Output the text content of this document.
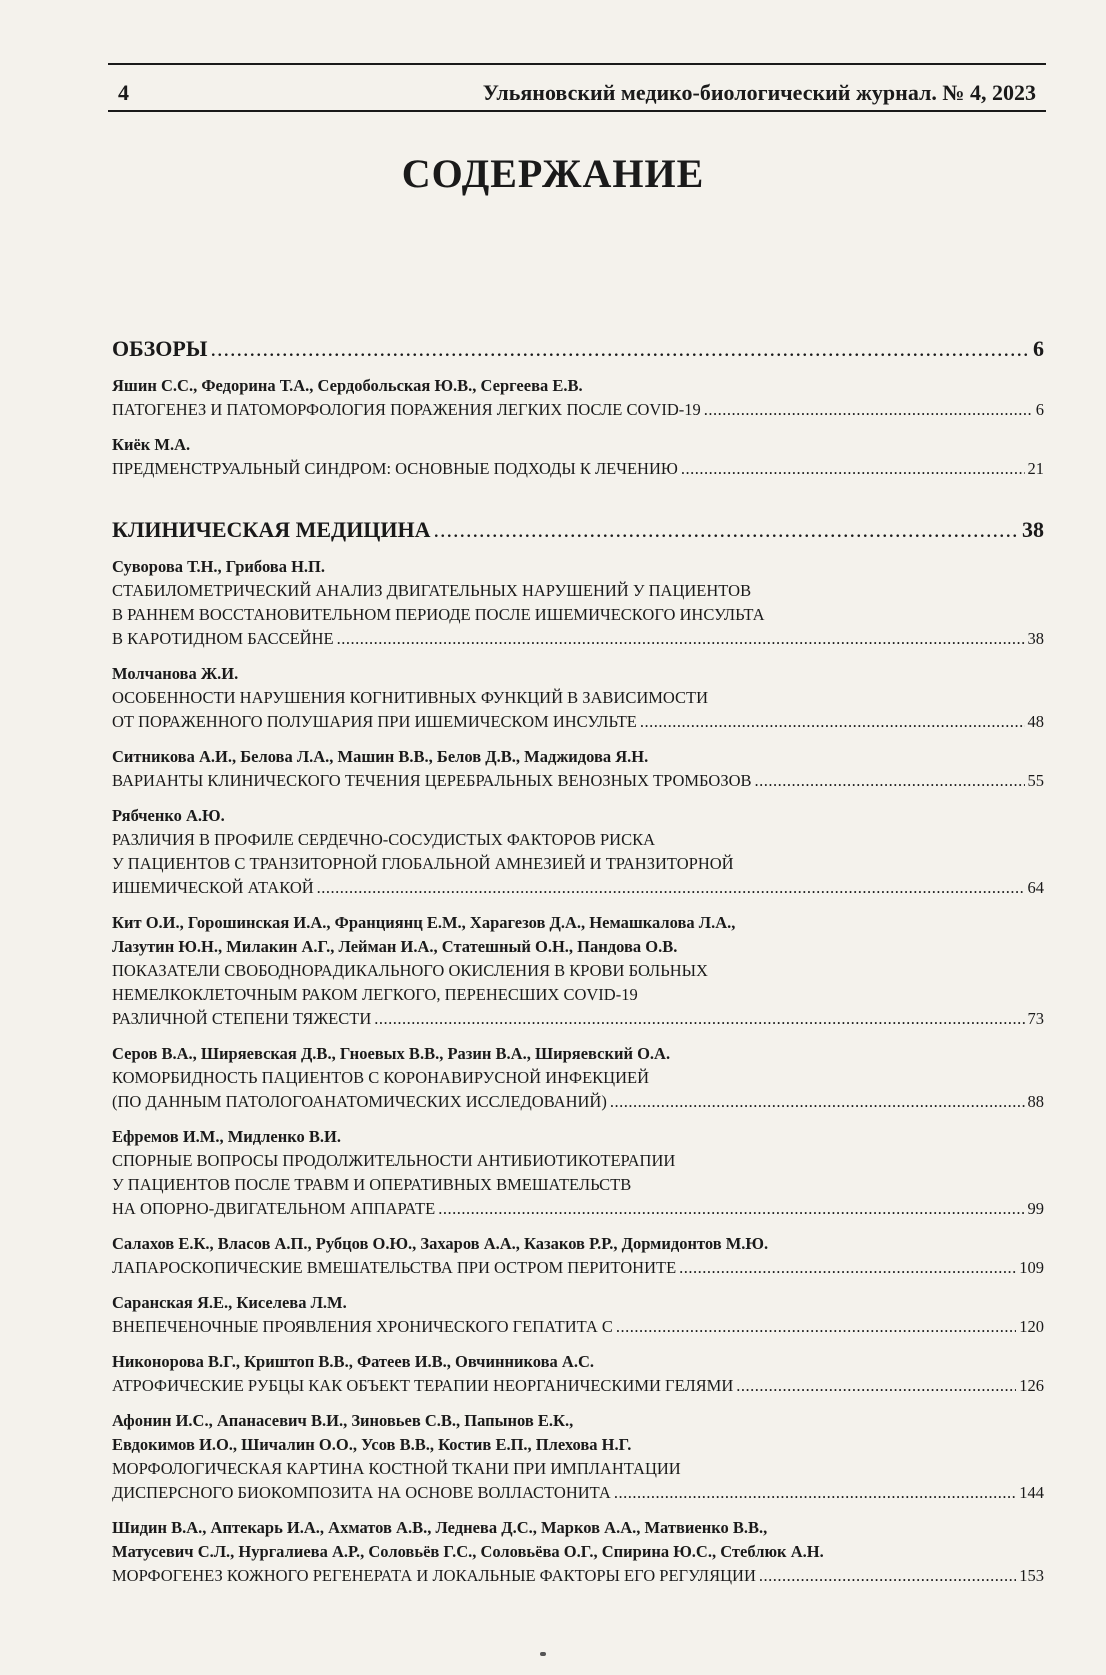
4	Ульяновский медико-биологический журнал. № 4, 2023
СОДЕРЖАНИЕ
ОБЗОРЫ .....	6
Яшин С.С., Федорина Т.А., Сердобольская Ю.В., Сергеева Е.В.
ПАТОГЕНЕЗ И ПАТОМОРФОЛОГИЯ ПОРАЖЕНИЯ ЛЕГКИХ ПОСЛЕ COVID-19 .....	6
Киёк М.А.
ПРЕДМЕНСТРУАЛЬНЫЙ СИНДРОМ: ОСНОВНЫЕ ПОДХОДЫ К ЛЕЧЕНИЮ .....	21
КЛИНИЧЕСКАЯ МЕДИЦИНА .....	38
Суворова Т.Н., Грибова Н.П.
СТАБИЛОМЕТРИЧЕСКИЙ АНАЛИЗ ДВИГАТЕЛЬНЫХ НАРУШЕНИЙ У ПАЦИЕНТОВ
В РАННЕМ ВОССТАНОВИТЕЛЬНОМ ПЕРИОДЕ ПОСЛЕ ИШЕМИЧЕСКОГО ИНСУЛЬТА
В КАРОТИДНОМ БАССЕЙНЕ .....	38
Молчанова Ж.И.
ОСОБЕННОСТИ НАРУШЕНИЯ КОГНИТИВНЫХ ФУНКЦИЙ В ЗАВИСИМОСТИ
ОТ ПОРАЖЕННОГО ПОЛУШАРИЯ ПРИ ИШЕМИЧЕСКОМ ИНСУЛЬТЕ .....	48
Ситникова А.И., Белова Л.А., Машин В.В., Белов Д.В., Маджидова Я.Н.
ВАРИАНТЫ КЛИНИЧЕСКОГО ТЕЧЕНИЯ ЦЕРЕБРАЛЬНЫХ ВЕНОЗНЫХ ТРОМБОЗОВ .....	55
Рябченко А.Ю.
РАЗЛИЧИЯ В ПРОФИЛЕ СЕРДЕЧНО-СОСУДИСТЫХ ФАКТОРОВ РИСКА
У ПАЦИЕНТОВ С ТРАНЗИТОРНОЙ ГЛОБАЛЬНОЙ АМНЕЗИЕЙ И ТРАНЗИТОРНОЙ
ИШЕМИЧЕСКОЙ АТАКОЙ .....	64
Кит О.И., Горошинская И.А., Франциянц Е.М., Харагезов Д.А., Немашкалова Л.А.,
Лазутин Ю.Н., Милакин А.Г., Лейман И.А., Статешный О.Н., Пандова О.В.
ПОКАЗАТЕЛИ СВОБОДНОРАДИКАЛЬНОГО ОКИСЛЕНИЯ В КРОВИ БОЛЬНЫХ
НЕМЕЛКОКЛЕТОЧНЫМ РАКОМ ЛЕГКОГО, ПЕРЕНЕСШИХ COVID-19
РАЗЛИЧНОЙ СТЕПЕНИ ТЯЖЕСТИ .....	73
Серов В.А., Ширяевская Д.В., Гноевых В.В., Разин В.А., Ширяевский О.А.
КОМОРБИДНОСТЬ ПАЦИЕНТОВ С КОРОНАВИРУСНОЙ ИНФЕКЦИЕЙ
(ПО ДАННЫМ ПАТОЛОГОАНАТОМИЧЕСКИХ ИССЛЕДОВАНИЙ) .....	88
Ефремов И.М., Мидленко В.И.
СПОРНЫЕ ВОПРОСЫ ПРОДОЛЖИТЕЛЬНОСТИ АНТИБИОТИКОТЕРАПИИ
У ПАЦИЕНТОВ ПОСЛЕ ТРАВМ И ОПЕРАТИВНЫХ ВМЕШАТЕЛЬСТВ
НА ОПОРНО-ДВИГАТЕЛЬНОМ АППАРАТЕ .....	99
Салахов Е.К., Власов А.П., Рубцов О.Ю., Захаров А.А., Казаков Р.Р., Дормидонтов М.Ю.
ЛАПАРОСКОПИЧЕСКИЕ ВМЕШАТЕЛЬСТВА ПРИ ОСТРОМ ПЕРИТОНИТЕ .....	109
Саранская Я.Е., Киселева Л.М.
ВНЕПЕЧЕНОЧНЫЕ ПРОЯВЛЕНИЯ ХРОНИЧЕСКОГО ГЕПАТИТА С .....	120
Никонорова В.Г., Криштоп В.В., Фатеев И.В., Овчинникова А.С.
АТРОФИЧЕСКИЕ РУБЦЫ КАК ОБЪЕКТ ТЕРАПИИ НЕОРГАНИЧЕСКИМИ ГЕЛЯМИ .....	126
Афонин И.С., Апанасевич В.И., Зиновьев С.В., Папынов Е.К.,
Евдокимов И.О., Шичалин О.О., Усов В.В., Костив Е.П., Плехова Н.Г.
МОРФОЛОГИЧЕСКАЯ КАРТИНА КОСТНОЙ ТКАНИ ПРИ ИМПЛАНТАЦИИ
ДИСПЕРСНОГО БИОКОМПОЗИТА НА ОСНОВЕ ВОЛЛАСТОНИТА .....	144
Шидин В.А., Аптекарь И.А., Ахматов А.В., Леднева Д.С., Марков А.А., Матвиенко В.В.,
Матусевич С.Л., Нургалиева А.Р., Соловьёв Г.С., Соловьёва О.Г., Спирина Ю.С., Стеблюк А.Н.
МОРФОГЕНЕЗ КОЖНОГО РЕГЕНЕРАТА И ЛОКАЛЬНЫЕ ФАКТОРЫ ЕГО РЕГУЛЯЦИИ .....	153
